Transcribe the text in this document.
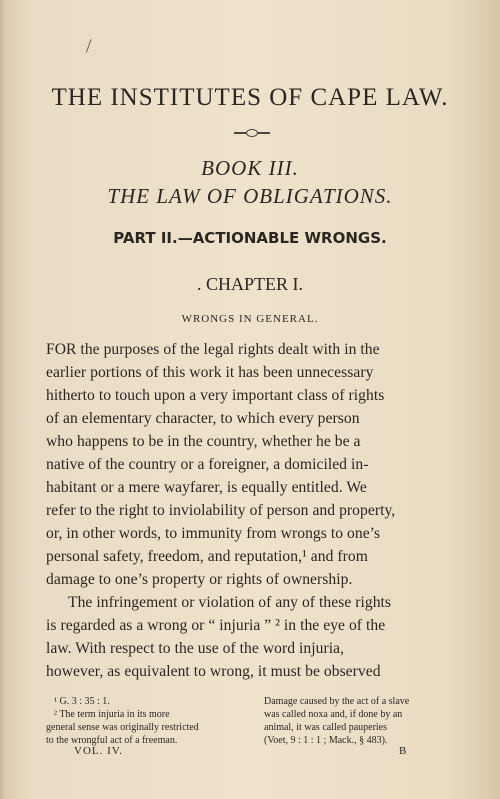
THE INSTITUTES OF CAPE LAW.
BOOK III.
THE LAW OF OBLIGATIONS.
PART II.—ACTIONABLE WRONGS.
. CHAPTER I.
WRONGS IN GENERAL.
FOR the purposes of the legal rights dealt with in the
earlier portions of this work it has been unnecessary
hitherto to touch upon a very important class of rights
of an elementary character, to which every person
who happens to be in the country, whether he be a
native of the country or a foreigner, a domiciled in-
habitant or a mere wayfarer, is equally entitled. We
refer to the right to inviolability of person and property,
or, in other words, to immunity from wrongs to one’s
personal safety, freedom, and reputation,¹ and from
damage to one’s property or rights of ownership.
The infringement or violation of any of these rights
is regarded as a wrong or “ injuria ” ² in the eye of the
law. With respect to the use of the word injuria,
however, as equivalent to wrong, it must be observed
¹ G. 3 : 35 : 1.
² The term injuria in its more
general sense was originally restricted
to the wrongful act of a freeman.
Damage caused by the act of a slave
was called noxa and, if done by an
animal, it was called pauperies
(Voet, 9 : 1 : 1 ; Mack., § 483).
VOL. IV.	B
